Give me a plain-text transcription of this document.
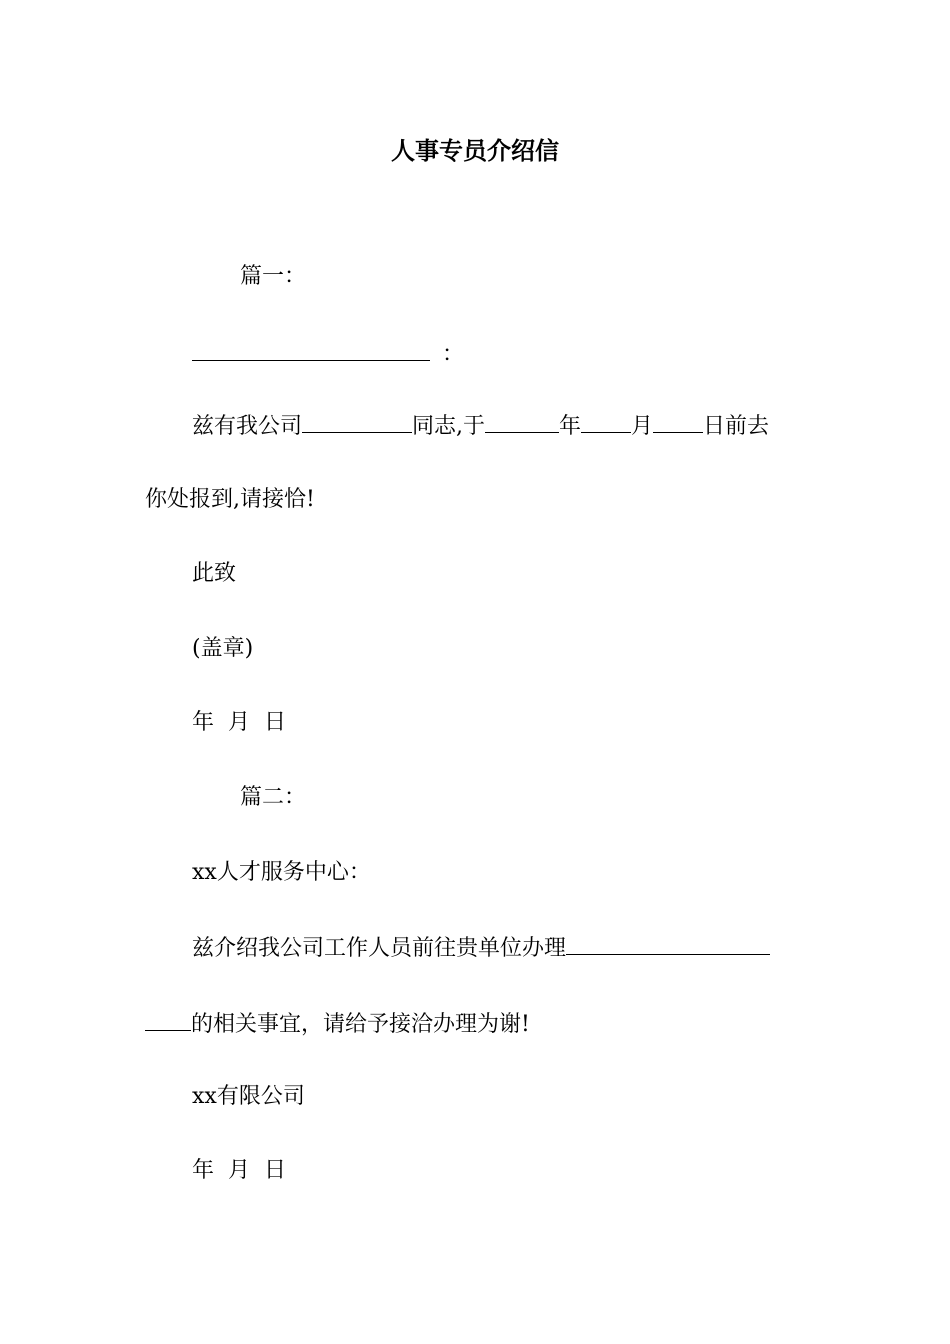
人事专员介绍信
篇一：
：
兹有我公司	同志,于	年 月 日前去
你处报到,请接恰!
此致
(盖章)
年 月 日
篇二：
xx人才服务中心：
兹介绍我公司工作人员前往贵单位办理
的相关事宜，请给予接洽办理为谢!
xx有限公司
年 月 日
